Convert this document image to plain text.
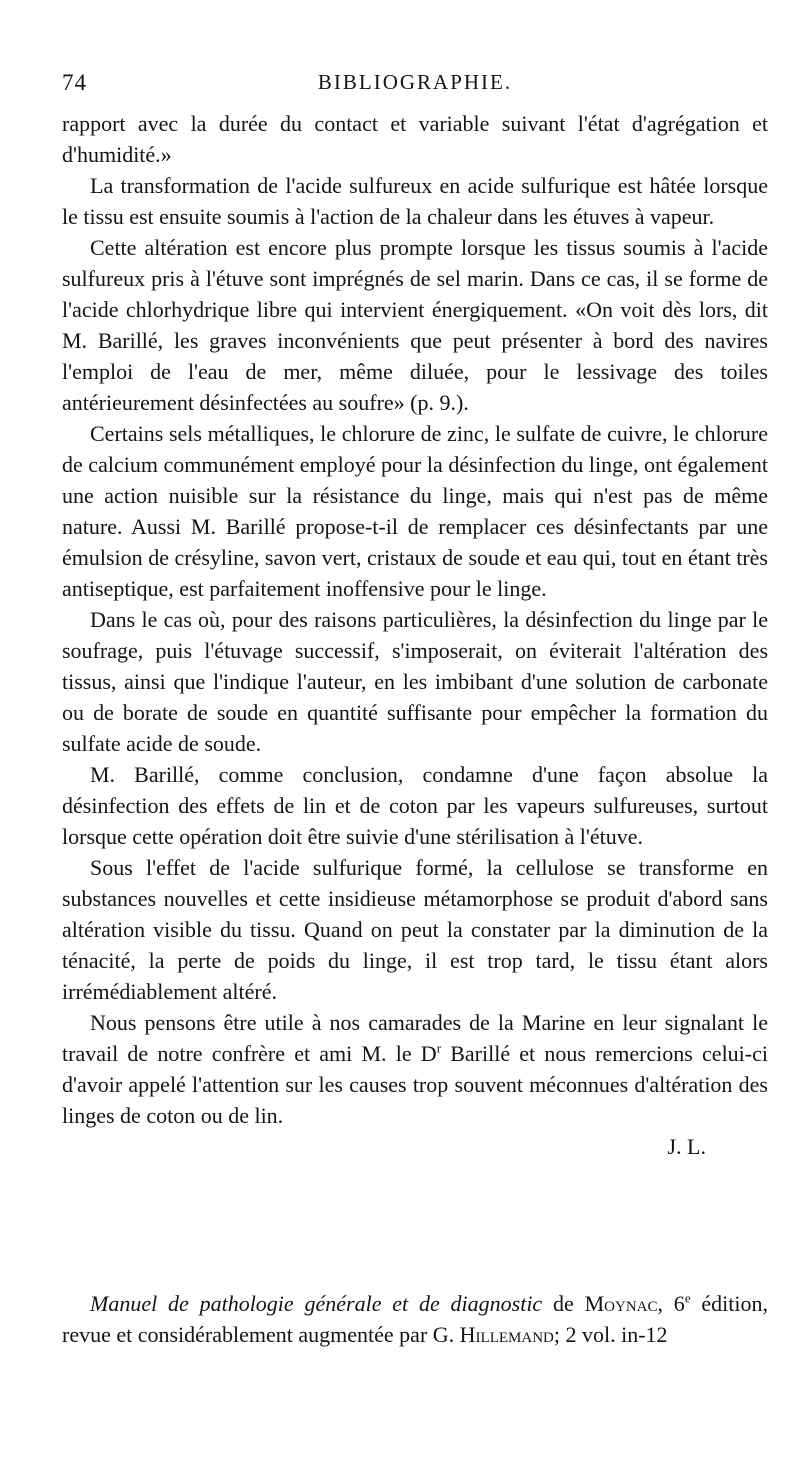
74	BIBLIOGRAPHIE.

rapport avec la durée du contact et variable suivant l'état d'agrégation et d'humidité.»

La transformation de l'acide sulfureux en acide sulfurique est hâtée lorsque le tissu est ensuite soumis à l'action de la chaleur dans les étuves à vapeur.

Cette altération est encore plus prompte lorsque les tissus soumis à l'acide sulfureux pris à l'étuve sont imprégnés de sel marin. Dans ce cas, il se forme de l'acide chlorhydrique libre qui intervient énergiquement. «On voit dès lors, dit M. Barillé, les graves inconvénients que peut présenter à bord des navires l'emploi de l'eau de mer, même diluée, pour le lessivage des toiles antérieurement désinfectées au soufre» (p. 9.).

Certains sels métalliques, le chlorure de zinc, le sulfate de cuivre, le chlorure de calcium communément employé pour la désinfection du linge, ont également une action nuisible sur la résistance du linge, mais qui n'est pas de même nature. Aussi M. Barillé propose-t-il de remplacer ces désinfectants par une émulsion de crésyline, savon vert, cristaux de soude et eau qui, tout en étant très antiseptique, est parfaitement inoffensive pour le linge.

Dans le cas où, pour des raisons particulières, la désinfection du linge par le soufrage, puis l'étuvage successif, s'imposerait, on éviterait l'altération des tissus, ainsi que l'indique l'auteur, en les imbibant d'une solution de carbonate ou de borate de soude en quantité suffisante pour empêcher la formation du sulfate acide de soude.

M. Barillé, comme conclusion, condamne d'une façon absolue la désinfection des effets de lin et de coton par les vapeurs sulfureuses, surtout lorsque cette opération doit être suivie d'une stérilisation à l'étuve.

Sous l'effet de l'acide sulfurique formé, la cellulose se transforme en substances nouvelles et cette insidieuse métamorphose se produit d'abord sans altération visible du tissu. Quand on peut la constater par la diminution de la ténacité, la perte de poids du linge, il est trop tard, le tissu étant alors irrémédiablement altéré.

Nous pensons être utile à nos camarades de la Marine en leur signalant le travail de notre confrère et ami M. le $D^r$ Barillé et nous remercions celui-ci d'avoir appelé l'attention sur les causes trop souvent méconnues d'altération des linges de coton ou de lin.

J. L.

Manuel de pathologie générale et de diagnostic de Moynac, 6e édition, revue et considérablement augmentée par G. Hillemand; 2 vol. in-12
